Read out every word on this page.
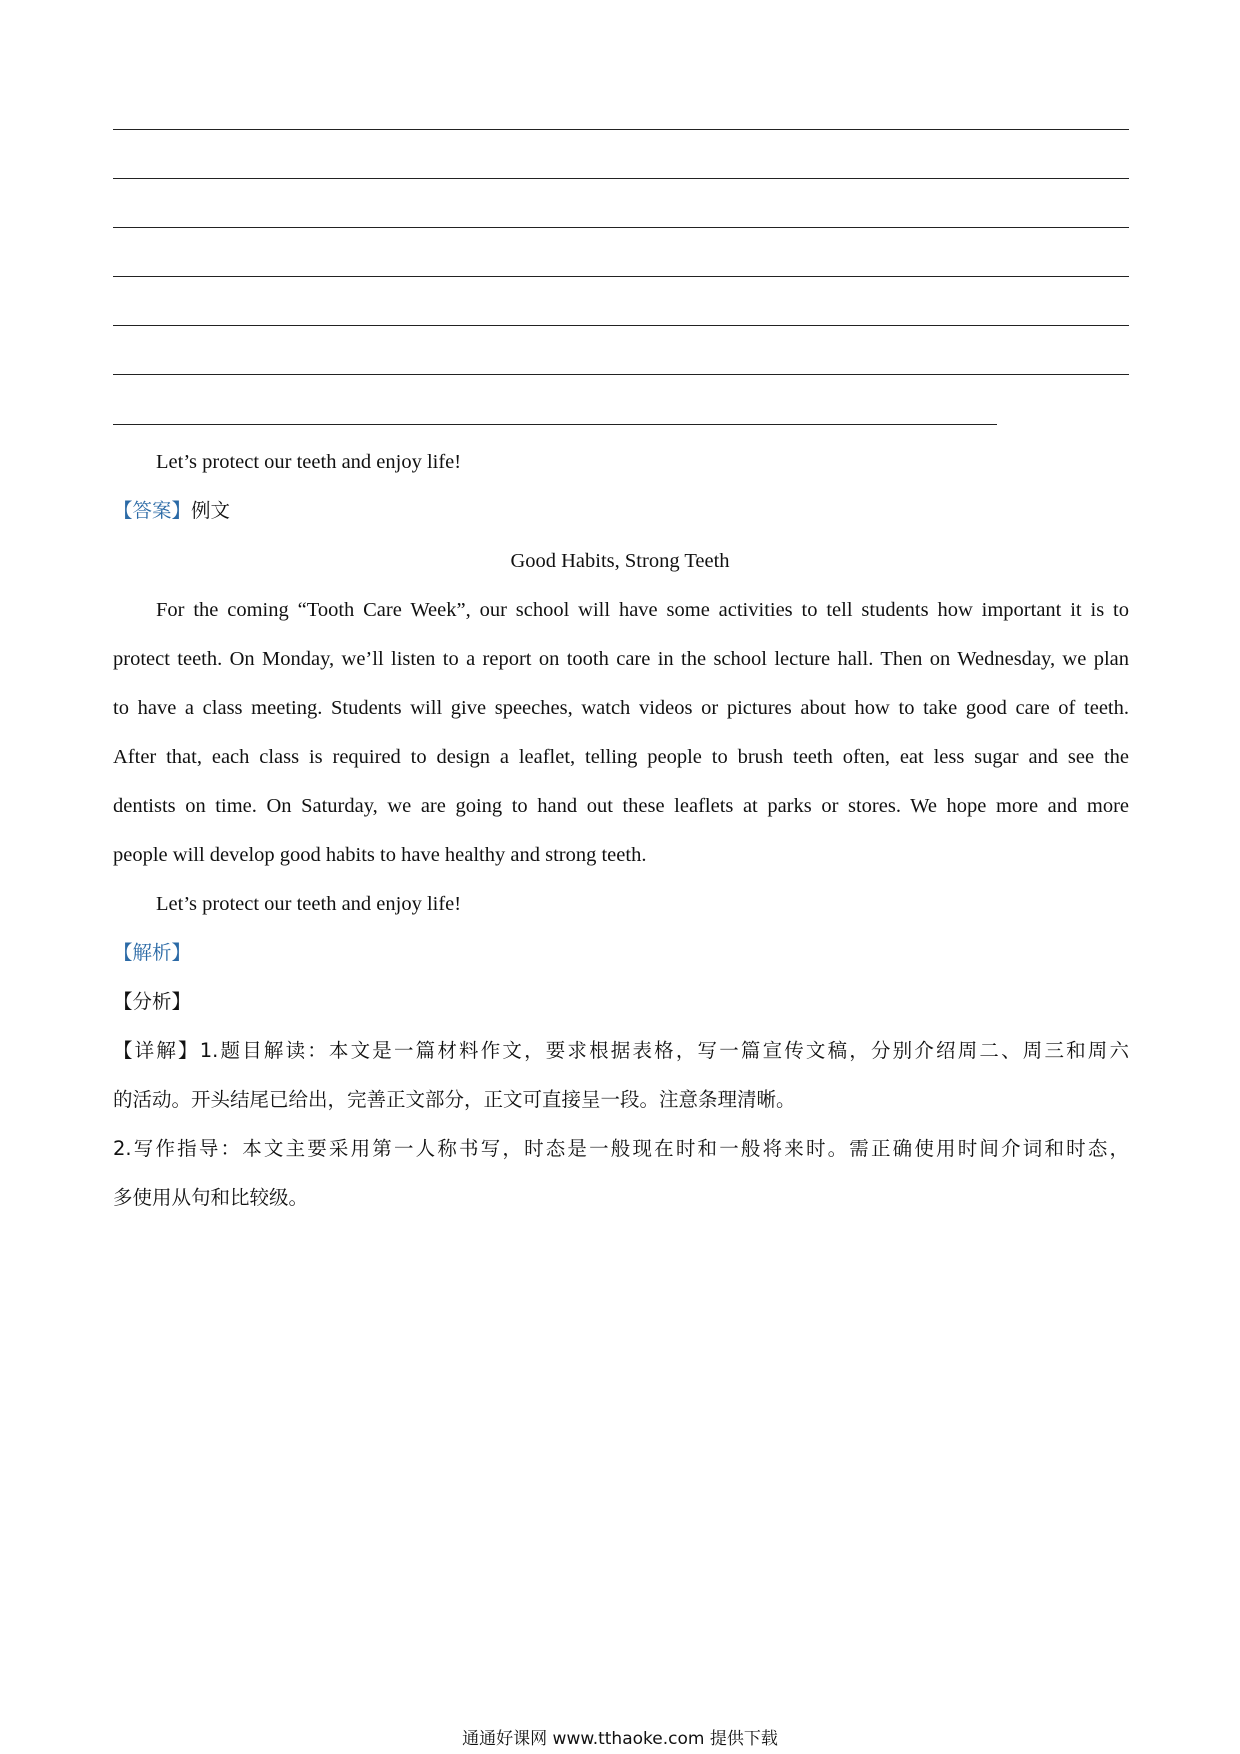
Let’s protect our teeth and enjoy life!
【答案】例文
Good Habits, Strong Teeth
For the coming “Tooth Care Week”, our school will have some activities to tell students how important it is to
protect teeth. On Monday, we’ll listen to a report on tooth care in the school lecture hall. Then on Wednesday, we plan
to have a class meeting. Students will give speeches, watch videos or pictures about how to take good care of teeth.
After that, each class is required to design a leaflet, telling people to brush teeth often, eat less sugar and see the
dentists on time. On Saturday, we are going to hand out these leaflets at parks or stores. We hope more and more
people will develop good habits to have healthy and strong teeth.
Let’s protect our teeth and enjoy life!
【解析】
【分析】
【详解】1.题目解读：本文是一篇材料作文，要求根据表格，写一篇宣传文稿，分别介绍周二、周三和周六
的活动。开头结尾已给出，完善正文部分，正文可直接呈一段。注意条理清晰。
2.写作指导：本文主要采用第一人称书写，时态是一般现在时和一般将来时。需正确使用时间介词和时态，
多使用从句和比较级。
通通好课网 www.tthaoke.com 提供下载
